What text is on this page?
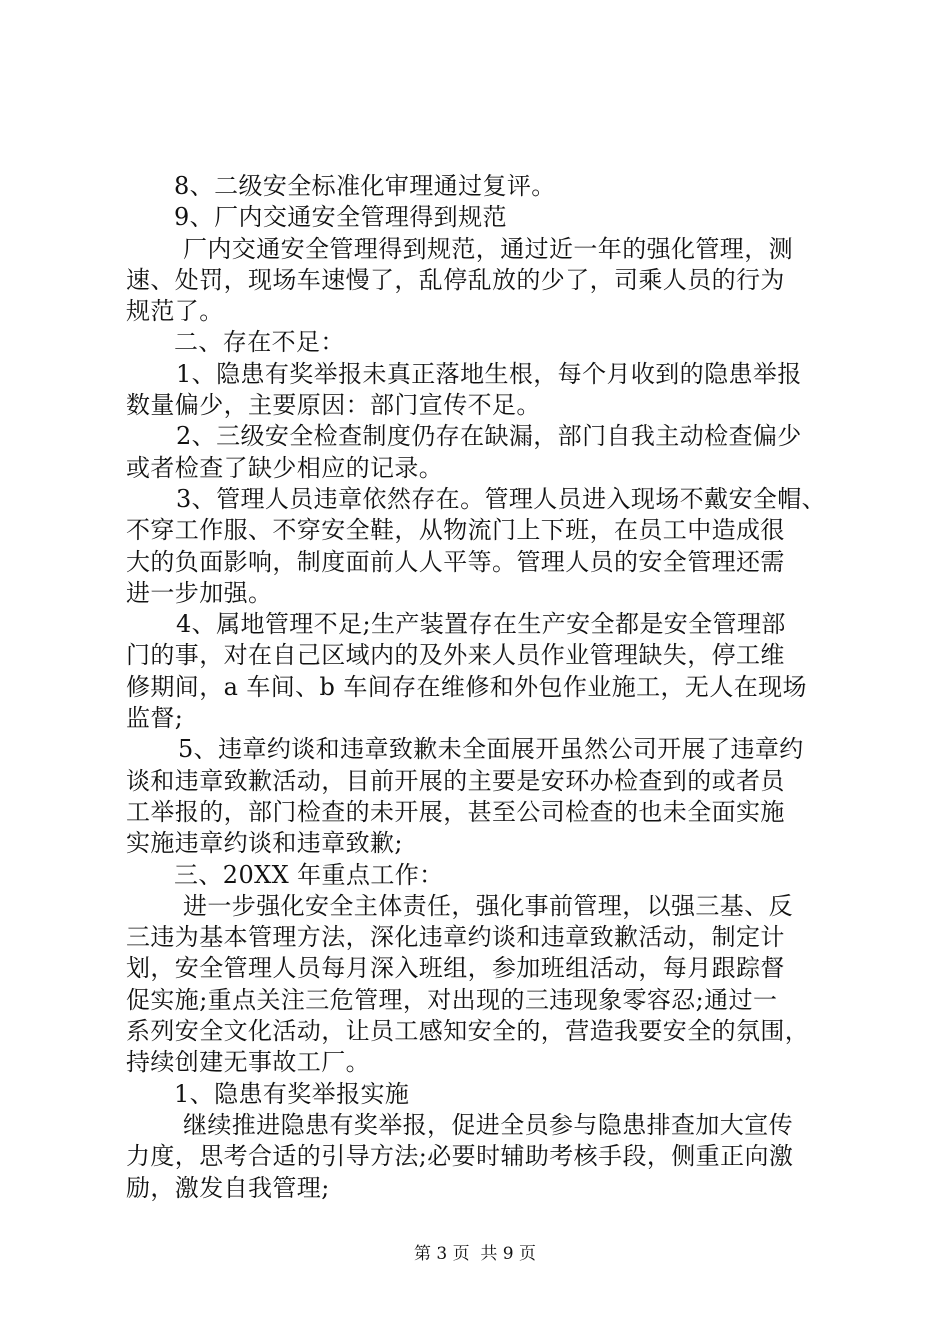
8、二级安全标准化审理通过复评。
9、厂内交通安全管理得到规范
厂内交通安全管理得到规范，通过近一年的强化管理，测
速、处罚，现场车速慢了，乱停乱放的少了，司乘人员的行为
规范了。
二、存在不足：
1、隐患有奖举报未真正落地生根，每个月收到的隐患举报
数量偏少，主要原因：部门宣传不足。
2、三级安全检查制度仍存在缺漏，部门自我主动检查偏少
或者检查了缺少相应的记录。
3、管理人员违章依然存在。管理人员进入现场不戴安全帽、
不穿工作服、不穿安全鞋，从物流门上下班，在员工中造成很
大的负面影响，制度面前人人平等。管理人员的安全管理还需
进一步加强。
4、属地管理不足;生产装置存在生产安全都是安全管理部
门的事，对在自己区域内的及外来人员作业管理缺失，停工维
修期间，a 车间、b 车间存在维修和外包作业施工，无人在现场
监督;
5、违章约谈和违章致歉未全面展开虽然公司开展了违章约
谈和违章致歉活动，目前开展的主要是安环办检查到的或者员
工举报的，部门检查的未开展，甚至公司检查的也未全面实施
实施违章约谈和违章致歉;
三、20XX 年重点工作：
进一步强化安全主体责任，强化事前管理，以强三基、反
三违为基本管理方法，深化违章约谈和违章致歉活动，制定计
划，安全管理人员每月深入班组，参加班组活动，每月跟踪督
促实施;重点关注三危管理，对出现的三违现象零容忍;通过一
系列安全文化活动，让员工感知安全的，营造我要安全的氛围，
持续创建无事故工厂。
1、隐患有奖举报实施
继续推进隐患有奖举报，促进全员参与隐患排查加大宣传
力度，思考合适的引导方法;必要时辅助考核手段，侧重正向激
励，激发自我管理;
第 3 页  共 9 页
